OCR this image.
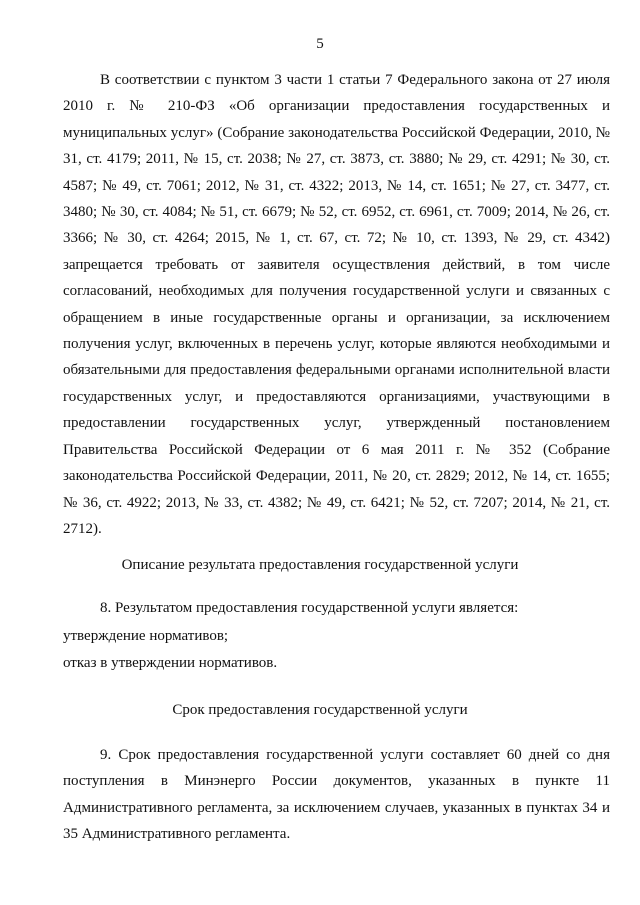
5

В соответствии с пунктом 3 части 1 статьи 7 Федерального закона от 27 июля 2010 г. № 210-ФЗ «Об организации предоставления государственных и муниципальных услуг» (Собрание законодательства Российской Федерации, 2010, № 31, ст. 4179; 2011, № 15, ст. 2038; № 27, ст. 3873, ст. 3880; № 29, ст. 4291; № 30, ст. 4587; № 49, ст. 7061; 2012, № 31, ст. 4322; 2013, № 14, ст. 1651; № 27, ст. 3477, ст. 3480; № 30, ст. 4084; № 51, ст. 6679; № 52, ст. 6952, ст. 6961, ст. 7009; 2014, № 26, ст. 3366; № 30, ст. 4264; 2015, № 1, ст. 67, ст. 72; № 10, ст. 1393, № 29, ст. 4342) запрещается требовать от заявителя осуществления действий, в том числе согласований, необходимых для получения государственной услуги и связанных с обращением в иные государственные органы и организации, за исключением получения услуг, включенных в перечень услуг, которые являются необходимыми и обязательными для предоставления федеральными органами исполнительной власти государственных услуг, и предоставляются организациями, участвующими в предоставлении государственных услуг, утвержденный постановлением Правительства Российской Федерации от 6 мая 2011 г. № 352 (Собрание законодательства Российской Федерации, 2011, № 20, ст. 2829; 2012, № 14, ст. 1655; № 36, ст. 4922; 2013, № 33, ст. 4382; № 49, ст. 6421; № 52, ст. 7207; 2014, № 21, ст. 2712).

Описание результата предоставления государственной услуги

8. Результатом предоставления государственной услуги является:

утверждение нормативов;

отказ в утверждении нормативов.

Срок предоставления государственной услуги

9. Срок предоставления государственной услуги составляет 60 дней со дня поступления в Минэнерго России документов, указанных в пункте 11 Административного регламента, за исключением случаев, указанных в пунктах 34 и 35 Административного регламента.
